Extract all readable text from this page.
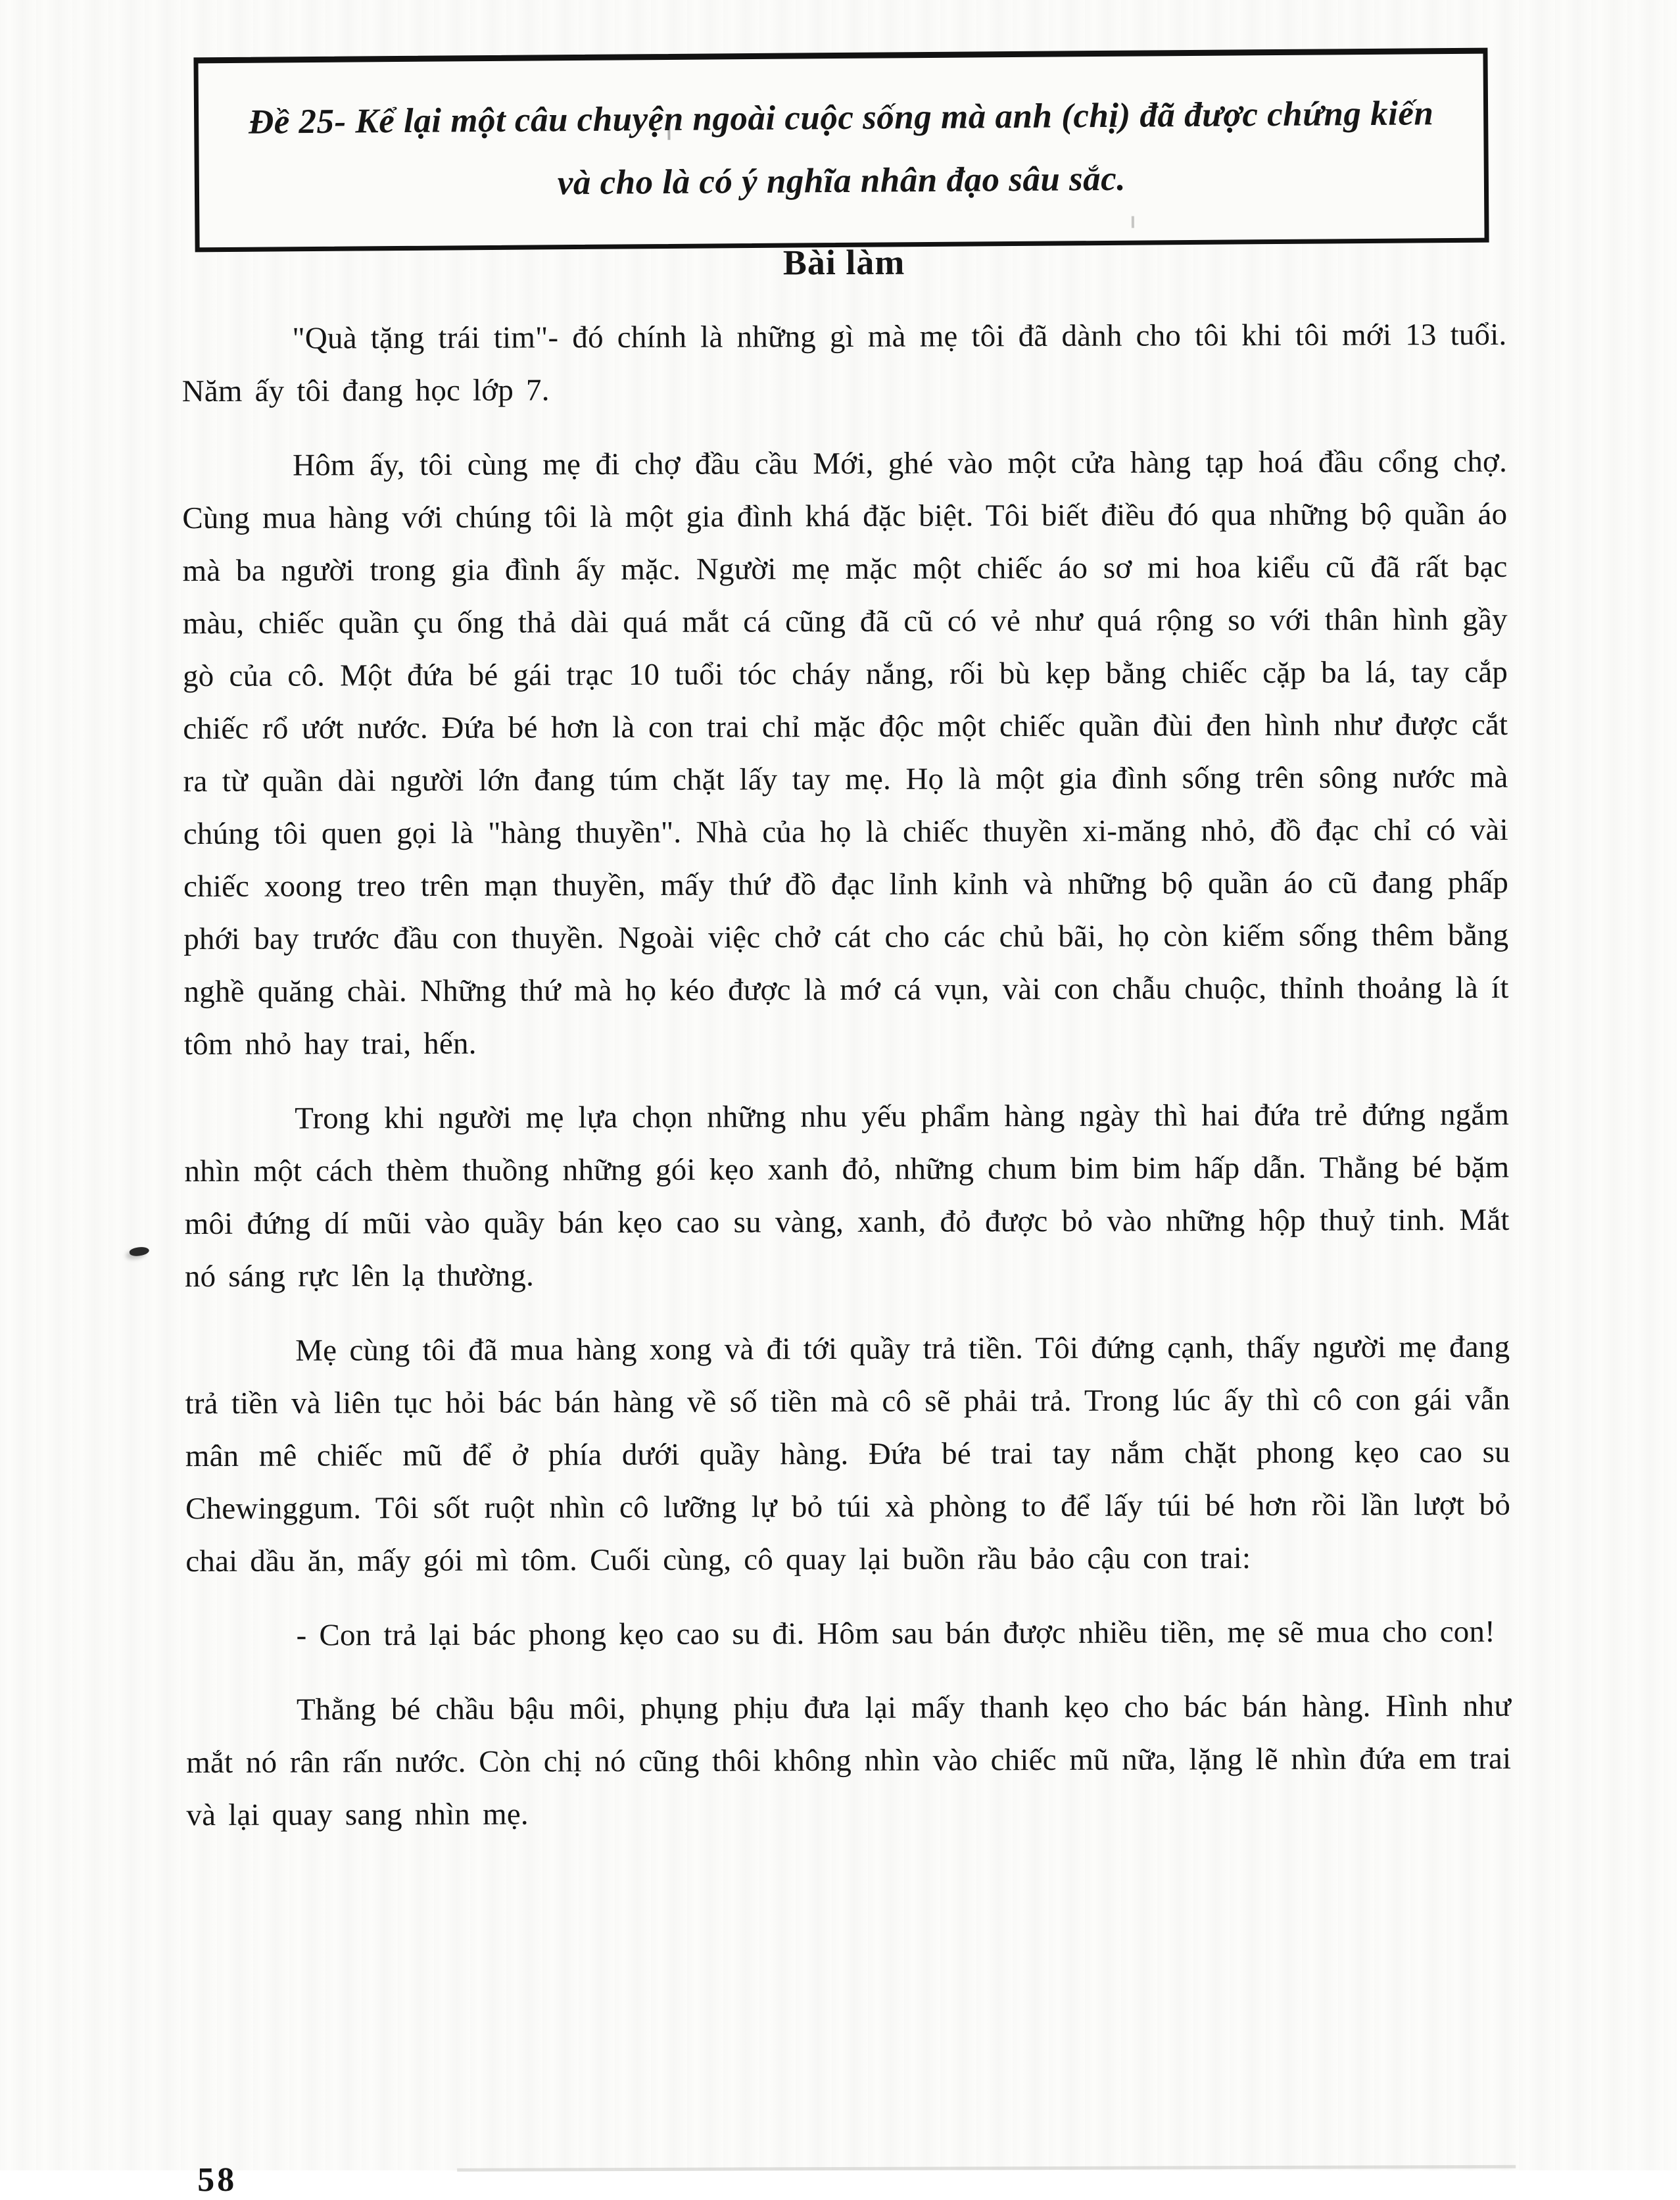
Đề 25- Kể lại một câu chuyện ngoài cuộc sống mà anh (chị) đã được chứng kiến và cho là có ý nghĩa nhân đạo sâu sắc.
Bài làm

"Quà tặng trái tim"- đó chính là những gì mà mẹ tôi đã dành cho tôi khi tôi mới 13 tuổi. Năm ấy tôi đang học lớp 7.

Hôm ấy, tôi cùng mẹ đi chợ đầu cầu Mới, ghé vào một cửa hàng tạp hoá đầu cổng chợ. Cùng mua hàng với chúng tôi là một gia đình khá đặc biệt. Tôi biết điều đó qua những bộ quần áo mà ba người trong gia đình ấy mặc. Người mẹ mặc một chiếc áo sơ mi hoa kiểu cũ đã rất bạc màu, chiếc quần çu ống thả dài quá mắt cá cũng đã cũ có vẻ như quá rộng so với thân hình gầy gò của cô. Một đứa bé gái trạc 10 tuổi tóc cháy nắng, rối bù kẹp bằng chiếc cặp ba lá, tay cắp chiếc rổ ướt nước. Đứa bé hơn là con trai chỉ mặc độc một chiếc quần đùi đen hình như được cắt ra từ quần dài người lớn đang túm chặt lấy tay mẹ. Họ là một gia đình sống trên sông nước mà chúng tôi quen gọi là "hàng thuyền". Nhà của họ là chiếc thuyền xi-măng nhỏ, đồ đạc chỉ có vài chiếc xoong treo trên mạn thuyền, mấy thứ đồ đạc lỉnh kỉnh và những bộ quần áo cũ đang phấp phới bay trước đầu con thuyền. Ngoài việc chở cát cho các chủ bãi, họ còn kiếm sống thêm bằng nghề quăng chài. Những thứ mà họ kéo được là mớ cá vụn, vài con chẫu chuộc, thỉnh thoảng là ít tôm nhỏ hay trai, hến.

Trong khi người mẹ lựa chọn những nhu yếu phẩm hàng ngày thì hai đứa trẻ đứng ngắm nhìn một cách thèm thuồng những gói kẹo xanh đỏ, những chum bim bim hấp dẫn. Thằng bé bặm môi đứng dí mũi vào quầy bán kẹo cao su vàng, xanh, đỏ được bỏ vào những hộp thuỷ tinh. Mắt nó sáng rực lên lạ thường.

Mẹ cùng tôi đã mua hàng xong và đi tới quầy trả tiền. Tôi đứng cạnh, thấy người mẹ đang trả tiền và liên tục hỏi bác bán hàng về số tiền mà cô sẽ phải trả. Trong lúc ấy thì cô con gái vẫn mân mê chiếc mũ để ở phía dưới quầy hàng. Đứa bé trai tay nắm chặt phong kẹo cao su Chewinggum. Tôi sốt ruột nhìn cô lưỡng lự bỏ túi xà phòng to để lấy túi bé hơn rồi lần lượt bỏ chai dầu ăn, mấy gói mì tôm. Cuối cùng, cô quay lại buồn rầu bảo cậu con trai:

- Con trả lại bác phong kẹo cao su đi. Hôm sau bán được nhiều tiền, mẹ sẽ mua cho con!

Thằng bé chầu bậu môi, phụng phịu đưa lại mấy thanh kẹo cho bác bán hàng. Hình như mắt nó rân rấn nước. Còn chị nó cũng thôi không nhìn vào chiếc mũ nữa, lặng lẽ nhìn đứa em trai và lại quay sang nhìn mẹ.

58
